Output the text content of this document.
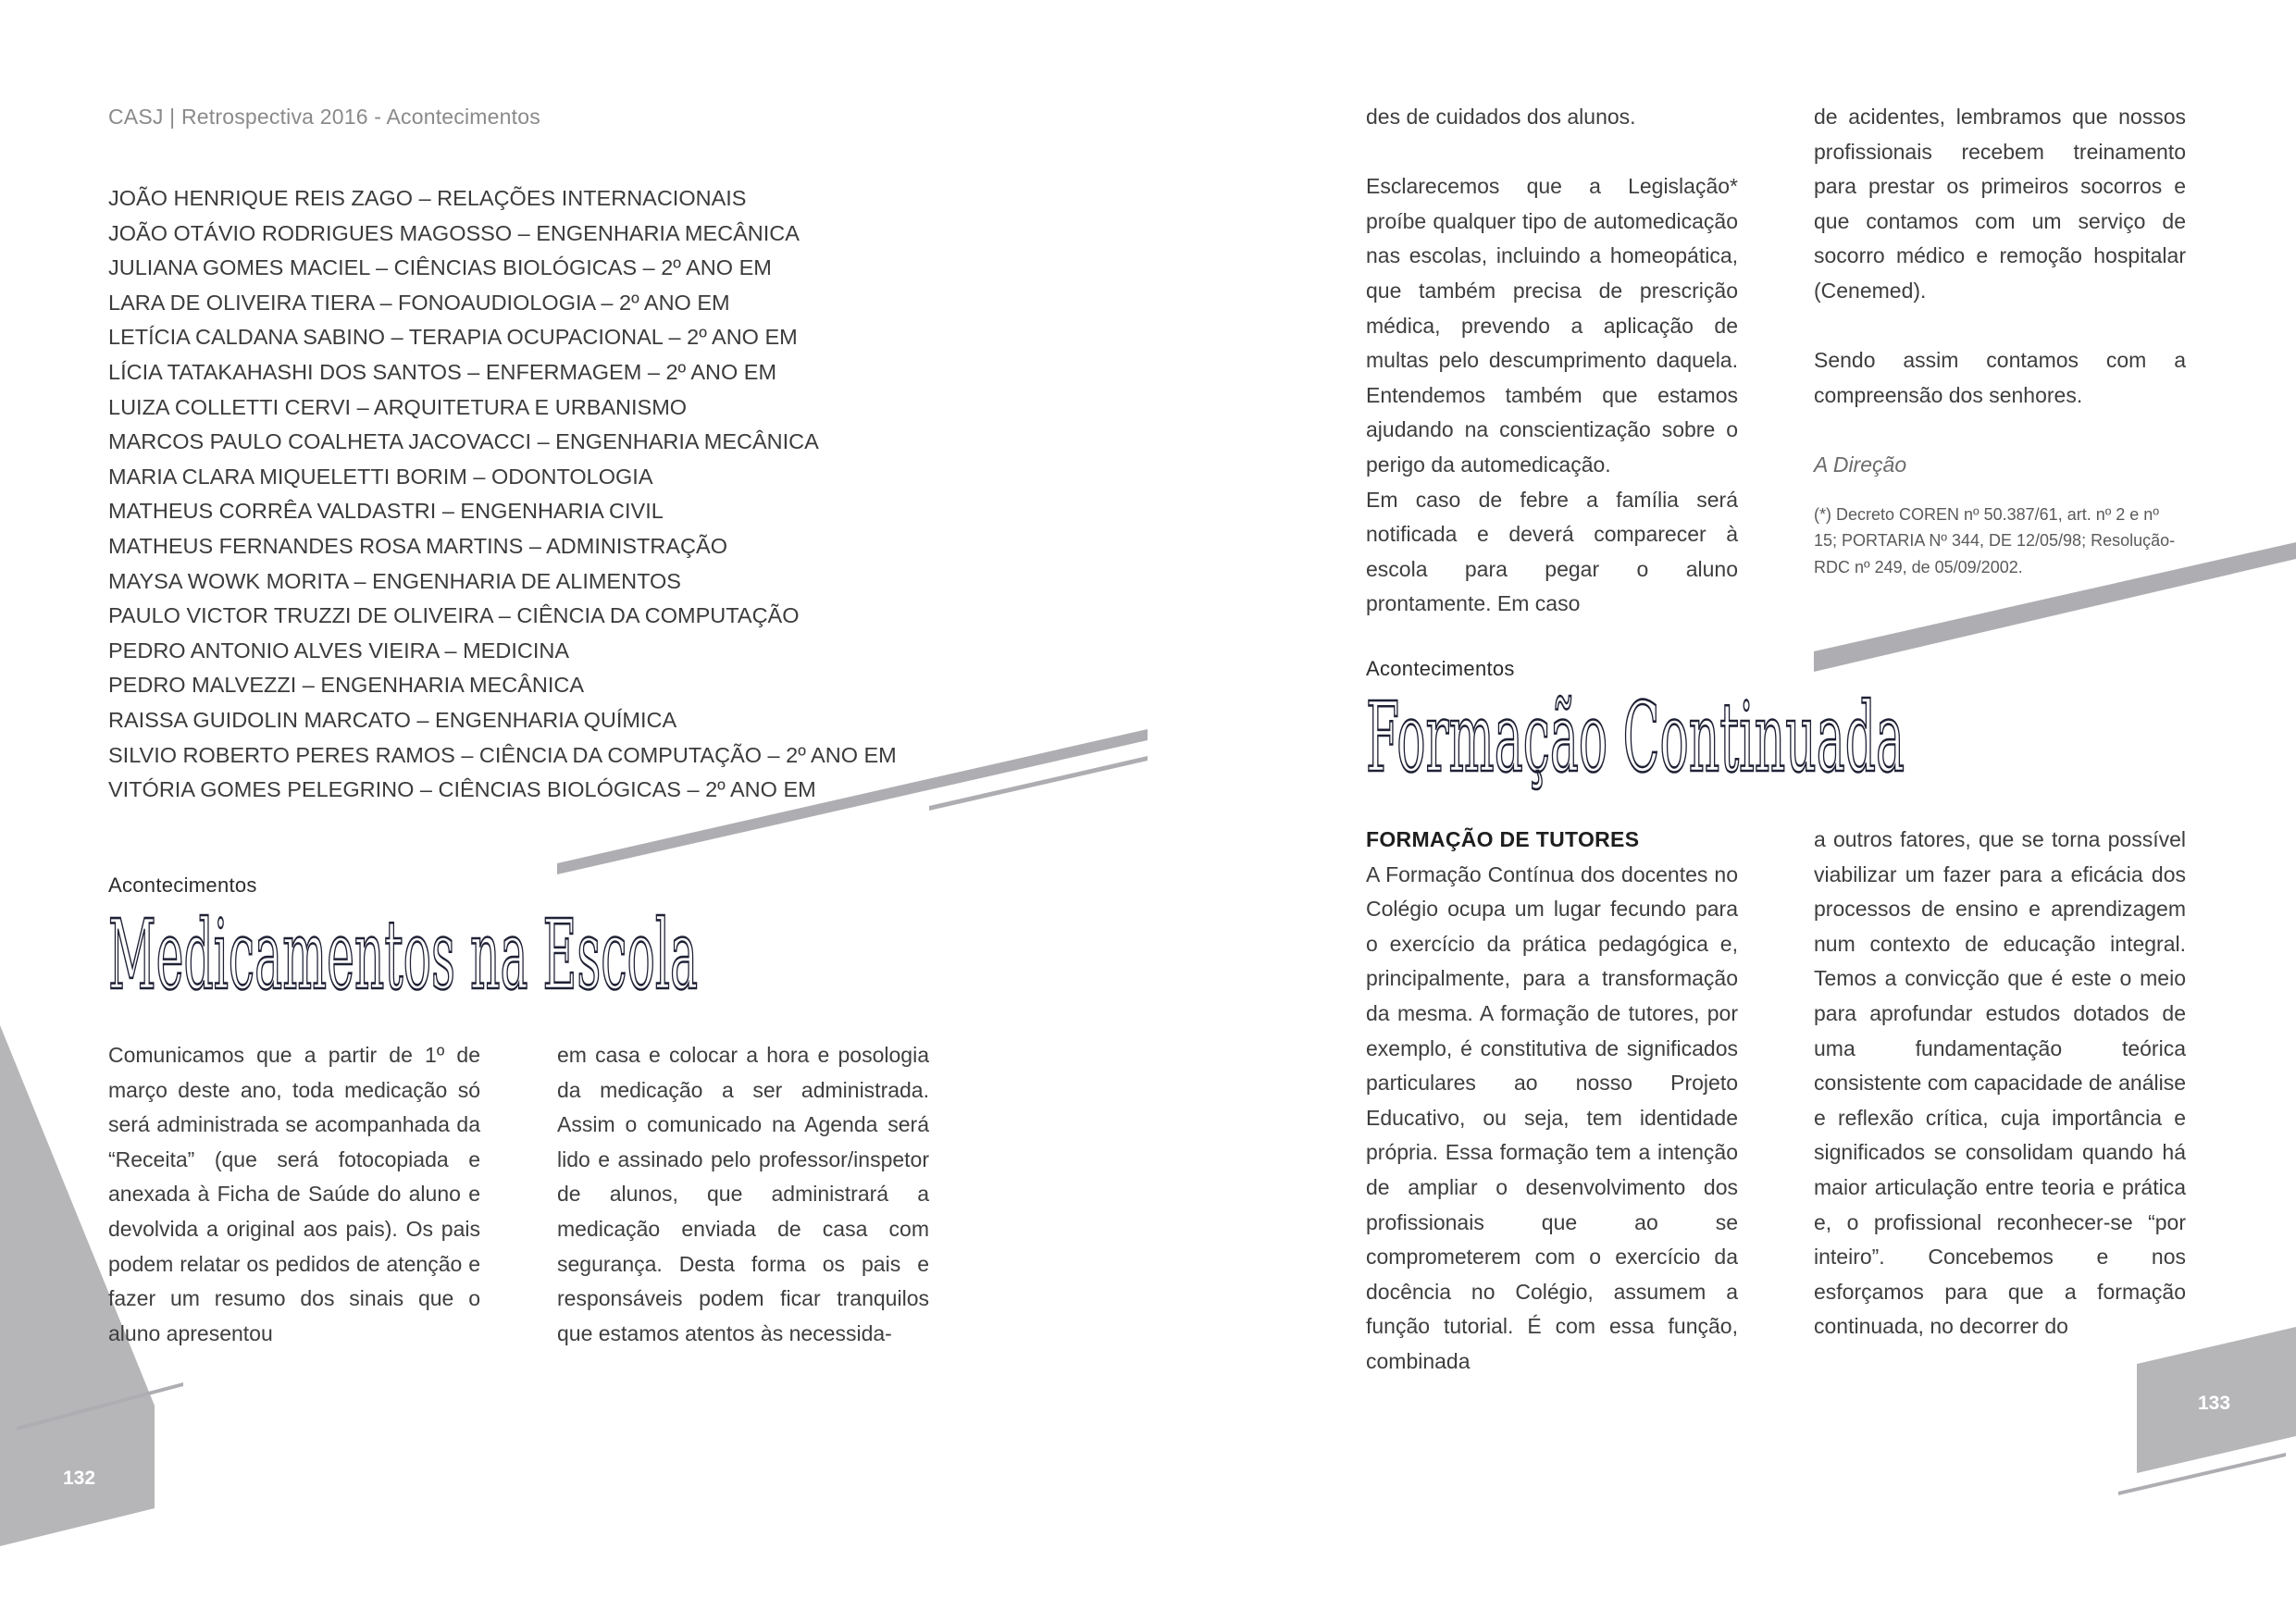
CASJ | Retrospectiva 2016 - Acontecimentos
JOÃO HENRIQUE REIS ZAGO – RELAÇÕES INTERNACIONAIS
JOÃO OTÁVIO RODRIGUES MAGOSSO – ENGENHARIA MECÂNICA
JULIANA GOMES MACIEL – CIÊNCIAS BIOLÓGICAS – 2º ANO EM
LARA DE OLIVEIRA TIERA – FONOAUDIOLOGIA – 2º ANO EM
LETÍCIA CALDANA SABINO – TERAPIA OCUPACIONAL – 2º ANO EM
LÍCIA TATAKAHASHI DOS SANTOS – ENFERMAGEM – 2º ANO EM
LUIZA COLLETTI CERVI – ARQUITETURA E URBANISMO
MARCOS PAULO COALHETA JACOVACCI – ENGENHARIA MECÂNICA
MARIA CLARA MIQUELETTI BORIM – ODONTOLOGIA
MATHEUS CORRÊA VALDASTRI – ENGENHARIA CIVIL
MATHEUS FERNANDES ROSA MARTINS – ADMINISTRAÇÃO
MAYSA WOWK MORITA – ENGENHARIA DE ALIMENTOS
PAULO VICTOR TRUZZI DE OLIVEIRA – CIÊNCIA DA COMPUTAÇÃO
PEDRO ANTONIO ALVES VIEIRA – MEDICINA
PEDRO MALVEZZI – ENGENHARIA MECÂNICA
RAISSA GUIDOLIN MARCATO – ENGENHARIA QUÍMICA
SILVIO ROBERTO PERES RAMOS – CIÊNCIA DA COMPUTAÇÃO – 2º ANO EM
VITÓRIA GOMES PELEGRINO – CIÊNCIAS BIOLÓGICAS – 2º ANO EM
Acontecimentos
Medicamentos na Escola

Comunicamos que a partir de 1º de março deste ano, toda medicação só será administrada se acompanhada da “Receita” (que será fotocopiada e anexada à Ficha de Saúde do aluno e devolvida a original aos pais). Os pais podem relatar os pedidos de atenção e fazer um resumo dos sinais que o aluno apresentou

em casa e colocar a hora e posologia da medicação a ser administrada. Assim o comunicado na Agenda será lido e assinado pelo professor/inspetor de alunos, que administrará a medicação enviada de casa com segurança. Desta forma os pais e responsáveis podem ficar tranquilos que estamos atentos às necessida-

des de cuidados dos alunos.

Esclarecemos que a Legislação* proíbe qualquer tipo de automedicação nas escolas, incluindo a homeopática, que também precisa de prescrição médica, prevendo a aplicação de multas pelo descumprimento daquela. Entendemos também que estamos ajudando na conscientização sobre o perigo da automedicação.

Em caso de febre a família será notificada e deverá comparecer à escola para pegar o aluno prontamente. Em caso

de acidentes, lembramos que nossos profissionais recebem treinamento para prestar os primeiros socorros e que contamos com um serviço de socorro médico e remoção hospitalar (Cenemed).

Sendo assim contamos com a compreensão dos senhores.

A Direção

(*) Decreto COREN nº 50.387/61, art. nº 2 e nº 15; PORTARIA Nº 344, DE 12/05/98; Resolução-RDC nº 249, de 05/09/2002.

Acontecimentos
Formação Continuada

FORMAÇÃO DE TUTORES

A Formação Contínua dos docentes no Colégio ocupa um lugar fecundo para o exercício da prática pedagógica e, principalmente, para a transformação da mesma. A formação de tutores, por exemplo, é constitutiva de significados particulares ao nosso Projeto Educativo, ou seja, tem identidade própria. Essa formação tem a intenção de ampliar o desenvolvimento dos profissionais que ao se comprometerem com o exercício da docência no Colégio, assumem a função tutorial. É com essa função, combinada

a outros fatores, que se torna possível viabilizar um fazer para a eficácia dos processos de ensino e aprendizagem num contexto de educação integral. Temos a convicção que é este o meio para aprofundar estudos dotados de uma fundamentação teórica consistente com capacidade de análise e reflexão crítica, cuja importância e significados se consolidam quando há maior articulação entre teoria e prática e, o profissional reconhecer-se “por inteiro”. Concebemos e nos esforçamos para que a formação continuada, no decorrer do

132
133
